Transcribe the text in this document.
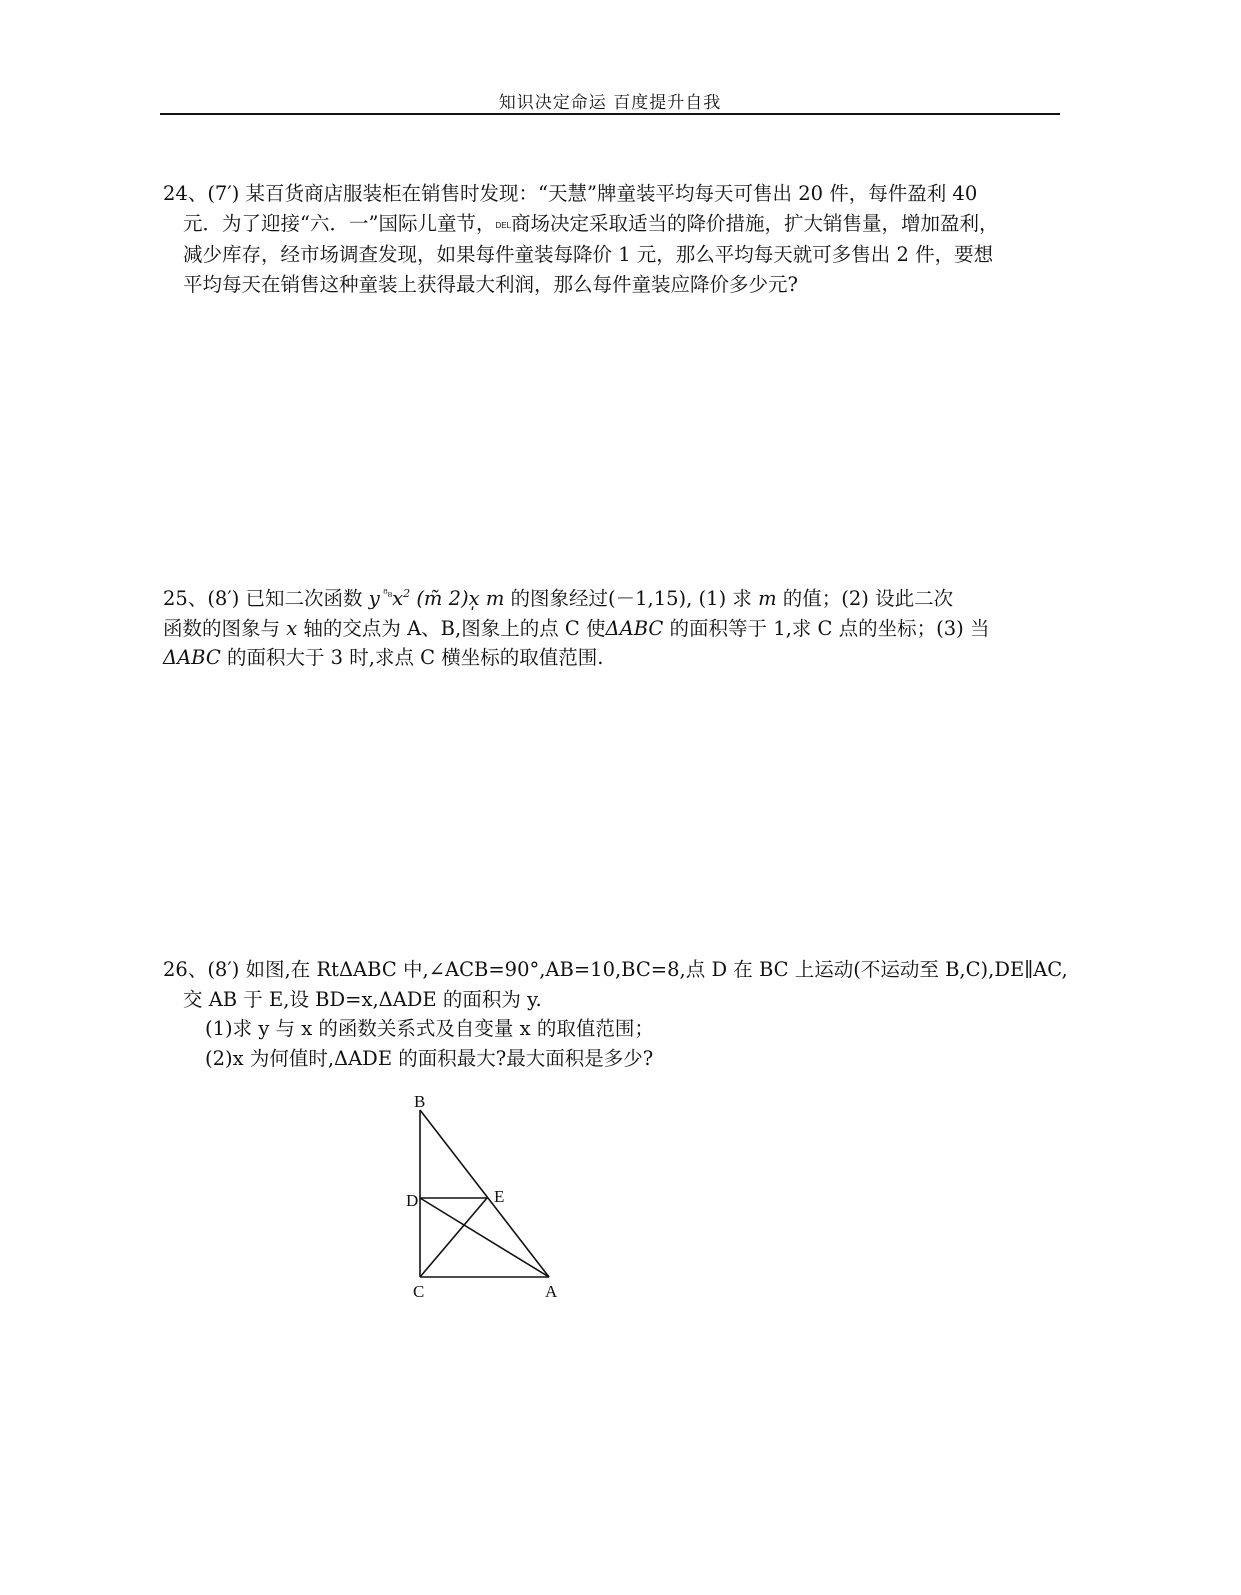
知识决定命运 百度提升自我

24、(7′) 某百货商店服装柜在销售时发现：“天慧”牌童装平均每天可售出 20 件，每件盈利 40

元．为了迎接“六．一”国际儿童节，DEL商场决定采取适当的降价措施，扩大销售量，增加盈利，

减少库存，经市场调查发现，如果每件童装每降价 1 元，那么平均每天就可多售出 2 件，要想

平均每天在销售这种童装上获得最大利润，那么每件童装应降价多少元?

25、(8′) 已知二次函数 y $^{^8_8}x^2$ (m̃ 2)x̩ m 的图象经过(－1,15), (1) 求 m 的值；(2) 设此二次

函数的图象与 x 轴的交点为 A、B,图象上的点 C 使ΔABC 的面积等于 1,求 C 点的坐标；(3) 当

ΔABC 的面积大于 3 时,求点 C 横坐标的取值范围.

26、(8′) 如图,在 RtΔABC 中,∠ACB=90°,AB=10,BC=8,点 D 在 BC 上运动(不运动至 B,C),DE∥AC,

交 AB 于 E,设 BD=x,ΔADE 的面积为 y.

(1)求 y 与 x 的函数关系式及自变量 x 的取值范围；

(2)x 为何值时,ΔADE 的面积最大?最大面积是多少?

B
D	E
C	A
